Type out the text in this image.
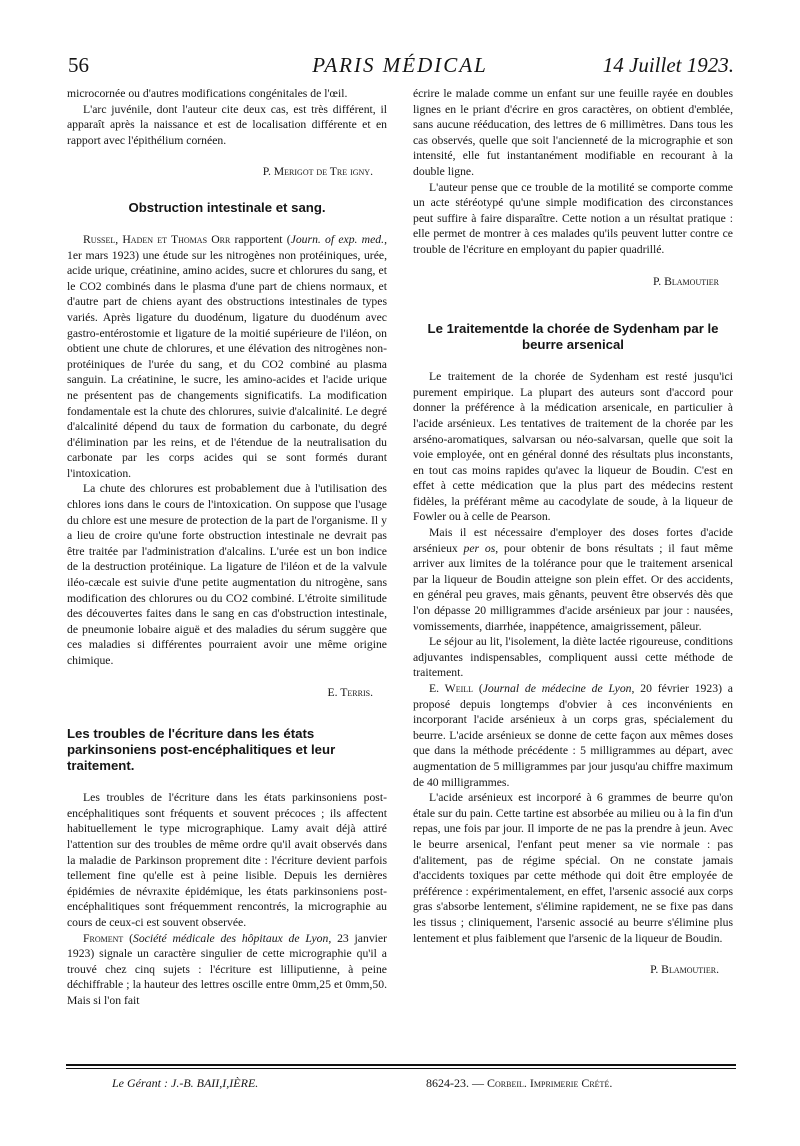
56	PARIS MÉDICAL	14 Juillet 1923.

microcornée ou d'autres modifications congénitales de l'œil.

L'arc juvénile, dont l'auteur cite deux cas, est très différent, il apparaît après la naissance et est de localisation différente et en rapport avec l'épithélium cornéen.

P. Merigot de Tre igny.
Obstruction intestinale et sang.

Russel, Haden et Thomas Orr rapportent (Journ. of exp. med., 1er mars 1923) une étude sur les nitrogènes non protéiniques, urée, acide urique, créatinine, amino acides, sucre et chlorures du sang, et le CO2 combinés dans le plasma d'une part de chiens normaux, et d'autre part de chiens ayant des obstructions intestinales de types variés. Après ligature du duodénum, ligature du duodénum avec gastro-entérostomie et ligature de la moitié supérieure de l'iléon, on obtient une chute de chlorures, et une élévation des nitrogènes non-protéiniques de l'urée du sang, et du CO2 combiné au plasma sanguin. La créatinine, le sucre, les amino-acides et l'acide urique ne présentent pas de changements significatifs. La modification fondamentale est la chute des chlorures, suivie d'alcalinité. Le degré d'alcalinité dépend du taux de formation du carbonate, du degré d'élimination par les reins, et de l'étendue de la neutralisation du carbonate par les corps acides qui se sont formés durant l'intoxication.

La chute des chlorures est probablement due à l'utilisation des chlores ions dans le cours de l'intoxication. On suppose que l'usage du chlore est une mesure de protection de la part de l'organisme. Il y a lieu de croire qu'une forte obstruction intestinale ne devrait pas être traitée par l'administration d'alcalins. L'urée est un bon indice de la destruction protéinique. La ligature de l'iléon et de la valvule iléo-cæcale est suivie d'une petite augmentation du nitrogène, sans modification des chlorures ou du CO2 combiné. L'étroite similitude des découvertes faites dans le sang en cas d'obstruction intestinale, de pneumonie lobaire aiguë et des maladies du sérum suggère que ces maladies si différentes pourraient avoir une même origine chimique.

E. Terris.
Les troubles de l'écriture dans les états parkinsoniens post-encéphalitiques et leur traitement.

Les troubles de l'écriture dans les états parkinsoniens post-encéphalitiques sont fréquents et souvent précoces ; ils affectent habituellement le type micrographique. Lamy avait déjà attiré l'attention sur des troubles de même ordre qu'il avait observés dans la maladie de Parkinson proprement dite : l'écriture devient parfois tellement fine qu'elle est à peine lisible. Depuis les dernières épidémies de névraxite épidémique, les états parkinsoniens post-encéphalitiques sont fréquemment rencontrés, la micrographie au cours de ceux-ci est souvent observée.

Froment (Société médicale des hôpitaux de Lyon, 23 janvier 1923) signale un caractère singulier de cette micrographie qu'il a trouvé chez cinq sujets : l'écriture est lilliputienne, à peine déchiffrable ; la hauteur des lettres oscille entre 0mm,25 et 0mm,50. Mais si l'on fait

écrire le malade comme un enfant sur une feuille rayée en doubles lignes en le priant d'écrire en gros caractères, on obtient d'emblée, sans aucune rééducation, des lettres de 6 millimètres. Dans tous les cas observés, quelle que soit l'ancienneté de la micrographie et son intensité, elle fut instantanément modifiable en recourant à la double ligne.

L'auteur pense que ce trouble de la motilité se comporte comme un acte stéréotypé qu'une simple modification des circonstances peut suffire à faire disparaître. Cette notion a un résultat pratique : elle permet de montrer à ces malades qu'ils peuvent lutter contre ce trouble de l'écriture en employant du papier quadrillé.

P. Blamoutier
Le 1raitementde la chorée de Sydenham par le beurre arsenical

Le traitement de la chorée de Sydenham est resté jusqu'ici purement empirique. La plupart des auteurs sont d'accord pour donner la préférence à la médication arsenicale, en particulier à l'acide arsénieux. Les tentatives de traitement de la chorée par les arséno-aromatiques, salvarsan ou néo-salvarsan, quelle que soit la voie employée, ont en général donné des résultats plus inconstants, en tout cas moins rapides qu'avec la liqueur de Boudin. C'est en effet à cette médication que la plus part des médecins restent fidèles, la préférant même au cacodylate de soude, à la liqueur de Fowler ou à celle de Pearson.

Mais il est nécessaire d'employer des doses fortes d'acide arsénieux per os, pour obtenir de bons résultats ; il faut même arriver aux limites de la tolérance pour que le traitement arsenical par la liqueur de Boudin atteigne son plein effet. Or des accidents, en général peu graves, mais gênants, peuvent être observés dès que l'on dépasse 20 milligrammes d'acide arsénieux par jour : nausées, vomissements, diarrhée, inappétence, amaigrissement, pâleur.

Le séjour au lit, l'isolement, la diète lactée rigoureuse, conditions adjuvantes indispensables, compliquent aussi cette méthode de traitement.

E. Weill (Journal de médecine de Lyon, 20 février 1923) a proposé depuis longtemps d'obvier à ces inconvénients en incorporant l'acide arsénieux à un corps gras, spécialement du beurre. L'acide arsénieux se donne de cette façon aux mêmes doses que dans la méthode précédente : 5 milligrammes au départ, avec augmentation de 5 milligrammes par jour jusqu'au chiffre maximum de 40 milligrammes.

L'acide arsénieux est incorporé à 6 grammes de beurre qu'on étale sur du pain. Cette tartine est absorbée au milieu ou à la fin d'un repas, une fois par jour. Il importe de ne pas la prendre à jeun. Avec le beurre arsenical, l'enfant peut mener sa vie normale : pas d'alitement, pas de régime spécial. On ne constate jamais d'accidents toxiques par cette méthode qui doit être employée de préférence : expérimentalement, en effet, l'arsenic associé aux corps gras s'absorbe lentement, s'élimine rapidement, ne se fixe pas dans les tissus ; cliniquement, l'arsenic associé au beurre s'élimine plus lentement et plus faiblement que l'arsenic de la liqueur de Boudin.

P. Blamoutier.
Le Gérant : J.-B. BAII,I,IÈRE.	8624-23. — Corbeil. Imprimerie Crété.
